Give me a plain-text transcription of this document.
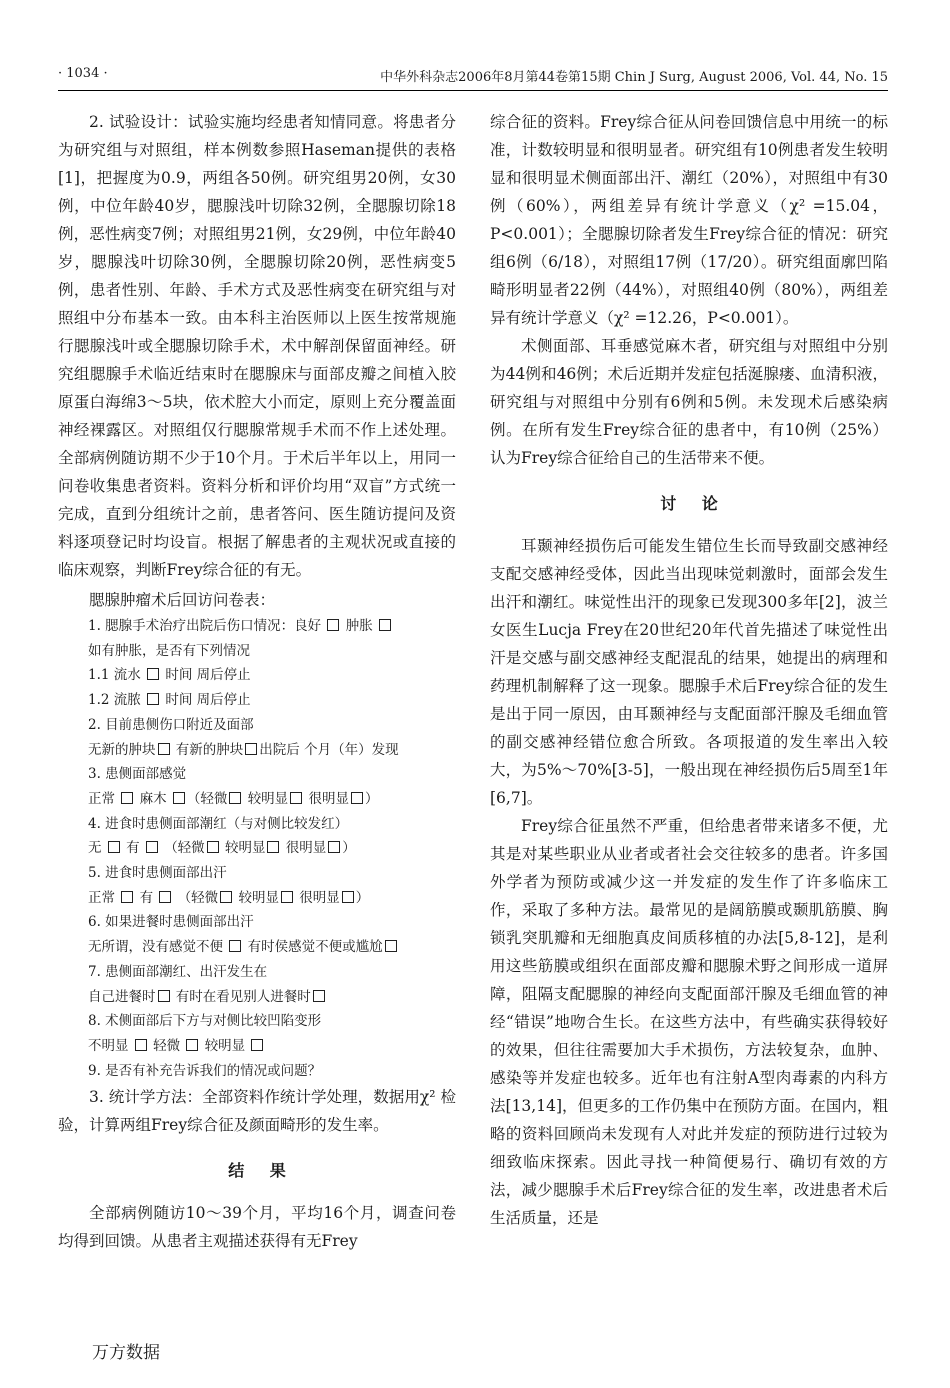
· 1034 ·	中华外科杂志2006年8月第44卷第15期 Chin J Surg, August 2006, Vol. 44, No. 15

2. 试验设计：试验实施均经患者知情同意。将患者分为研究组与对照组，样本例数参照Haseman提供的表格[1]，把握度为0.9，两组各50例。研究组男20例，女30例，中位年龄40岁，腮腺浅叶切除32例，全腮腺切除18例，恶性病变7例；对照组男21例，女29例，中位年龄40岁，腮腺浅叶切除30例，全腮腺切除20例，恶性病变5例，患者性别、年龄、手术方式及恶性病变在研究组与对照组中分布基本一致。由本科主治医师以上医生按常规施行腮腺浅叶或全腮腺切除手术，术中解剖保留面神经。研究组腮腺手术临近结束时在腮腺床与面部皮瓣之间植入胶原蛋白海绵3～5块，依术腔大小而定，原则上充分覆盖面神经裸露区。对照组仅行腮腺常规手术而不作上述处理。全部病例随访期不少于10个月。于术后半年以上，用同一问卷收集患者资料。资料分析和评价均用“双盲”方式统一完成，直到分组统计之前，患者答问、医生随访提问及资料逐项登记时均设盲。根据了解患者的主观状况或直接的临床观察，判断Frey综合征的有无。

腮腺肿瘤术后回访问卷表：

1. 腮腺手术治疗出院后伤口情况：良好 肿胀

如有肿胀，是否有下列情况

1.1 流水 时间 周后停止

1.2 流脓 时间 周后停止

2. 目前患侧伤口附近及面部

无新的肿块 有新的肿块 出院后 个月（年）发现

3. 患侧面部感觉

正常 麻木 （轻微 较明显 很明显 ）

4. 进食时患侧面部潮红（与对侧比较发红）

无 有 （轻微 较明显 很明显 ）

5. 进食时患侧面部出汗

正常 有 （轻微 较明显 很明显 ）

6. 如果进餐时患侧面部出汗

无所谓，没有感觉不便 有时侯感觉不便或尴尬

7. 患侧面部潮红、出汗发生在

自己进餐时 有时在看见别人进餐时

8. 术侧面部后下方与对侧比较凹陷变形

不明显 轻微 较明显

9. 是否有补充告诉我们的情况或问题？

3. 统计学方法：全部资料作统计学处理，数据用χ² 检验，计算两组Frey综合征及颜面畸形的发生率。

结果

全部病例随访10～39个月，平均16个月，调查问卷均得到回馈。从患者主观描述获得有无Frey

综合征的资料。Frey综合征从问卷回馈信息中用统一的标准，计数较明显和很明显者。研究组有10例患者发生较明显和很明显术侧面部出汗、潮红（20%），对照组中有30例（60%），两组差异有统计学意义（χ² =15.04，P<0.001）；全腮腺切除者发生Frey综合征的情况：研究组6例（6/18），对照组17例（17/20）。研究组面廓凹陷畸形明显者22例（44%），对照组40例（80%），两组差异有统计学意义（χ² =12.26，P<0.001）。

术侧面部、耳垂感觉麻木者，研究组与对照组中分别为44例和46例；术后近期并发症包括涎腺瘘、血清积液，研究组与对照组中分别有6例和5例。未发现术后感染病例。在所有发生Frey综合征的患者中，有10例（25%）认为Frey综合征给自己的生活带来不便。

讨论

耳颞神经损伤后可能发生错位生长而导致副交感神经支配交感神经受体，因此当出现味觉刺激时，面部会发生出汗和潮红。味觉性出汗的现象已发现300多年[2]，波兰女医生Lucja Frey在20世纪20年代首先描述了味觉性出汗是交感与副交感神经支配混乱的结果，她提出的病理和药理机制解释了这一现象。腮腺手术后Frey综合征的发生是出于同一原因，由耳颞神经与支配面部汗腺及毛细血管的副交感神经错位愈合所致。各项报道的发生率出入较大，为5%～70%[3-5]，一般出现在神经损伤后5周至1年[6,7]。

Frey综合征虽然不严重，但给患者带来诸多不便，尤其是对某些职业从业者或者社会交往较多的患者。许多国外学者为预防或减少这一并发症的发生作了许多临床工作，采取了多种方法。最常见的是阔筋膜或颞肌筋膜、胸锁乳突肌瓣和无细胞真皮间质移植的办法[5,8-12]，是利用这些筋膜或组织在面部皮瓣和腮腺术野之间形成一道屏障，阻隔支配腮腺的神经向支配面部汗腺及毛细血管的神经“错误”地吻合生长。在这些方法中，有些确实获得较好的效果，但往往需要加大手术损伤，方法较复杂，血肿、感染等并发症也较多。近年也有注射A型肉毒素的内科方法[13,14]，但更多的工作仍集中在预防方面。在国内，粗略的资料回顾尚未发现有人对此并发症的预防进行过较为细致临床探索。因此寻找一种简便易行、确切有效的方法，减少腮腺手术后Frey综合征的发生率，改进患者术后生活质量，还是

万方数据
